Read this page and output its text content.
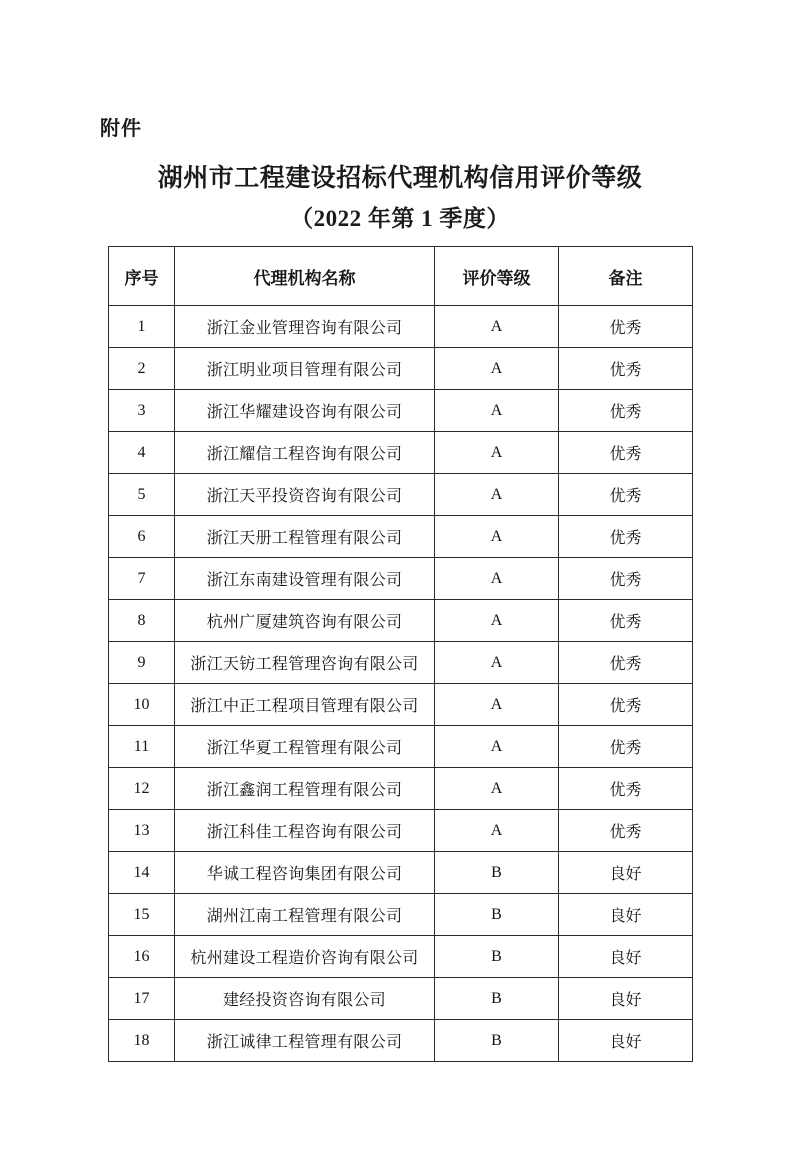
附件
湖州市工程建设招标代理机构信用评价等级
（2022 年第 1 季度）
序号	代理机构名称	评价等级	备注
1	浙江金业管理咨询有限公司	A	优秀
2	浙江明业项目管理有限公司	A	优秀
3	浙江华耀建设咨询有限公司	A	优秀
4	浙江耀信工程咨询有限公司	A	优秀
5	浙江天平投资咨询有限公司	A	优秀
6	浙江天册工程管理有限公司	A	优秀
7	浙江东南建设管理有限公司	A	优秀
8	杭州广厦建筑咨询有限公司	A	优秀
9	浙江天钫工程管理咨询有限公司	A	优秀
10	浙江中正工程项目管理有限公司	A	优秀
11	浙江华夏工程管理有限公司	A	优秀
12	浙江鑫润工程管理有限公司	A	优秀
13	浙江科佳工程咨询有限公司	A	优秀
14	华诚工程咨询集团有限公司	B	良好
15	湖州江南工程管理有限公司	B	良好
16	杭州建设工程造价咨询有限公司	B	良好
17	建经投资咨询有限公司	B	良好
18	浙江诚律工程管理有限公司	B	良好
